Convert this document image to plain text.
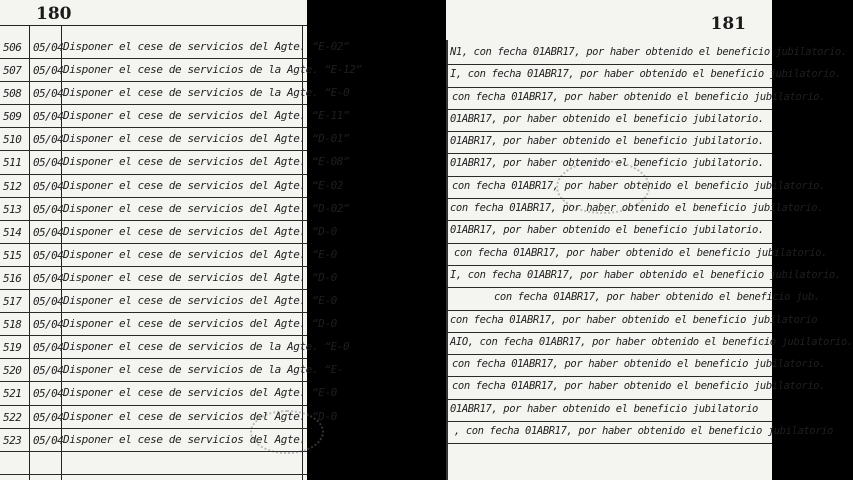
180
506	05/04 Disponer el cese de servicios del Agte. “E-02”
507	05/04 Disponer el cese de servicios de la Agte. “E-12”
508	05/04 Disponer el cese de servicios de la Agte. “E-0
509	05/04 Disponer el cese de servicios del Agte. “E-11”
510	05/04 Disponer el cese de servicios del Agte. “D-01”
511	05/04 Disponer el cese de servicios del Agte. “E-08”
512	05/04 Disponer el cese de servicios del Agte. “E-02
513	05/04 Disponer el cese de servicios del Agte. “D-02”
514	05/04 Disponer el cese de servicios del Agte. “D-0
515	05/04 Disponer el cese de servicios del Agte. “E-0
516	05/04 Disponer el cese de servicios del Agte. “D-0
517	05/04 Disponer el cese de servicios del Agte. “E-0
518	05/04 Disponer el cese de servicios del Agte. “D-0
519	05/04 Disponer el cese de servicios de la Agte. “E-0
520	05/04 Disponer el cese de servicios de la Agte. “E-
521	05/04 Disponer el cese de servicios del Agte. “E-0
522	05/04 Disponer el cese de servicios del Agte. “D-0
523	05/04 Disponer el cese de servicios del Agte.
181
N1, con fecha 01ABR17, por haber obtenido el beneficio jubilatorio.
I, con fecha 01ABR17, por haber obtenido el beneficio jubilatorio.
con fecha 01ABR17, por haber obtenido el beneficio jubilatorio.
01ABR17, por haber obtenido el beneficio jubilatorio.
01ABR17, por haber obtenido el beneficio jubilatorio.
01ABR17, por haber obtenido el beneficio jubilatorio.
con fecha 01ABR17, por haber obtenido el beneficio jubilatorio.
con fecha 01ABR17, por haber obtenido el beneficio jubilatorio.
01ABR17, por haber obtenido el beneficio jubilatorio.
con fecha 01ABR17, por haber obtenido el beneficio jubilatorio.
I, con fecha 01ABR17, por haber obtenido el beneficio jubilatorio.
con fecha 01ABR17, por haber obtenido el beneficio jub.
con fecha 01ABR17, por haber obtenido el beneficio jubilatorio
AIO, con fecha 01ABR17, por haber obtenido el beneficio jubilatorio.
con fecha 01ABR17, por haber obtenido el beneficio jubilatorio.
con fecha 01ABR17, por haber obtenido el beneficio jubilatorio.
01ABR17, por haber obtenido el beneficio jubilatorio
, con fecha 01ABR17, por haber obtenido el beneficio jubilatorio
